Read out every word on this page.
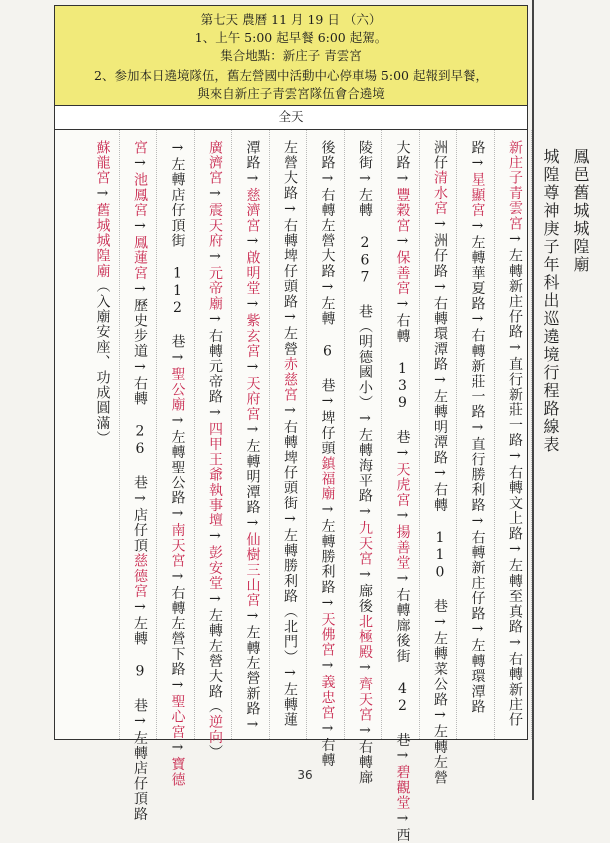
第七天 農曆 11 月 19 日 （六）
1、上午 5:00 起早餐 6:00 起駕。
集合地點：新庄子 青雲宮
2、参加本日遶境隊伍，舊左營國中活動中心停車場 5:00 起報到早餐，
與來自新庄子青雲宮隊伍會合遶境
全天
新庄子青雲宮→左轉新庄仔路→直行新莊一路→右轉文上路→左轉至真路→右轉新庄仔
路→星顯宮→左轉華夏路→右轉新莊一路→直行勝利路→右轉新庄仔路→左轉環潭路
洲仔清水宮→洲仔路→右轉環潭路→左轉明潭路→右轉 110 巷→左轉菜公路→左轉左營
大路→豐穀宮→保善宮→右轉 139 巷→天虎宮→揚善堂→右轉廍後街 42 巷→碧觀堂→西
陵街→左轉 267 巷（明德國小）→左轉海平路→九天宮→廍後北極殿→齊天宮→右轉廍
後路→右轉左營大路→左轉 6 巷→埤仔頭鎮福廟→左轉勝利路→天佛宮→義忠宮→右轉
左營大路→右轉埤仔頭路→左營赤慈宮→右轉埤仔頭街→左轉勝利路（北門）→左轉蓮
潭路→慈濟宮→啟明堂→紫玄宮→天府宮→左轉明潭路→仙樹三山宮→左轉左營新路→
廣濟宮→震天府→元帝廟→右轉元帝路→四甲王爺執事壇→彭安堂→左轉左營大路（逆向）
→左轉店仔頂街 112 巷→聖公廟→左轉聖公路→南天宮→右轉左營下路→聖心宮→寶德
宮→池鳳宮→鳳蓮宮→歷史步道→右轉 26 巷→店仔頂慈德宮→左轉 9 巷→左轉店仔頂路
蘇龍宮→舊城城隍廟（入廟安座、功成圓滿）
鳳邑舊城城隍廟
城隍尊神庚子年科出巡遶境行程路線表
36
